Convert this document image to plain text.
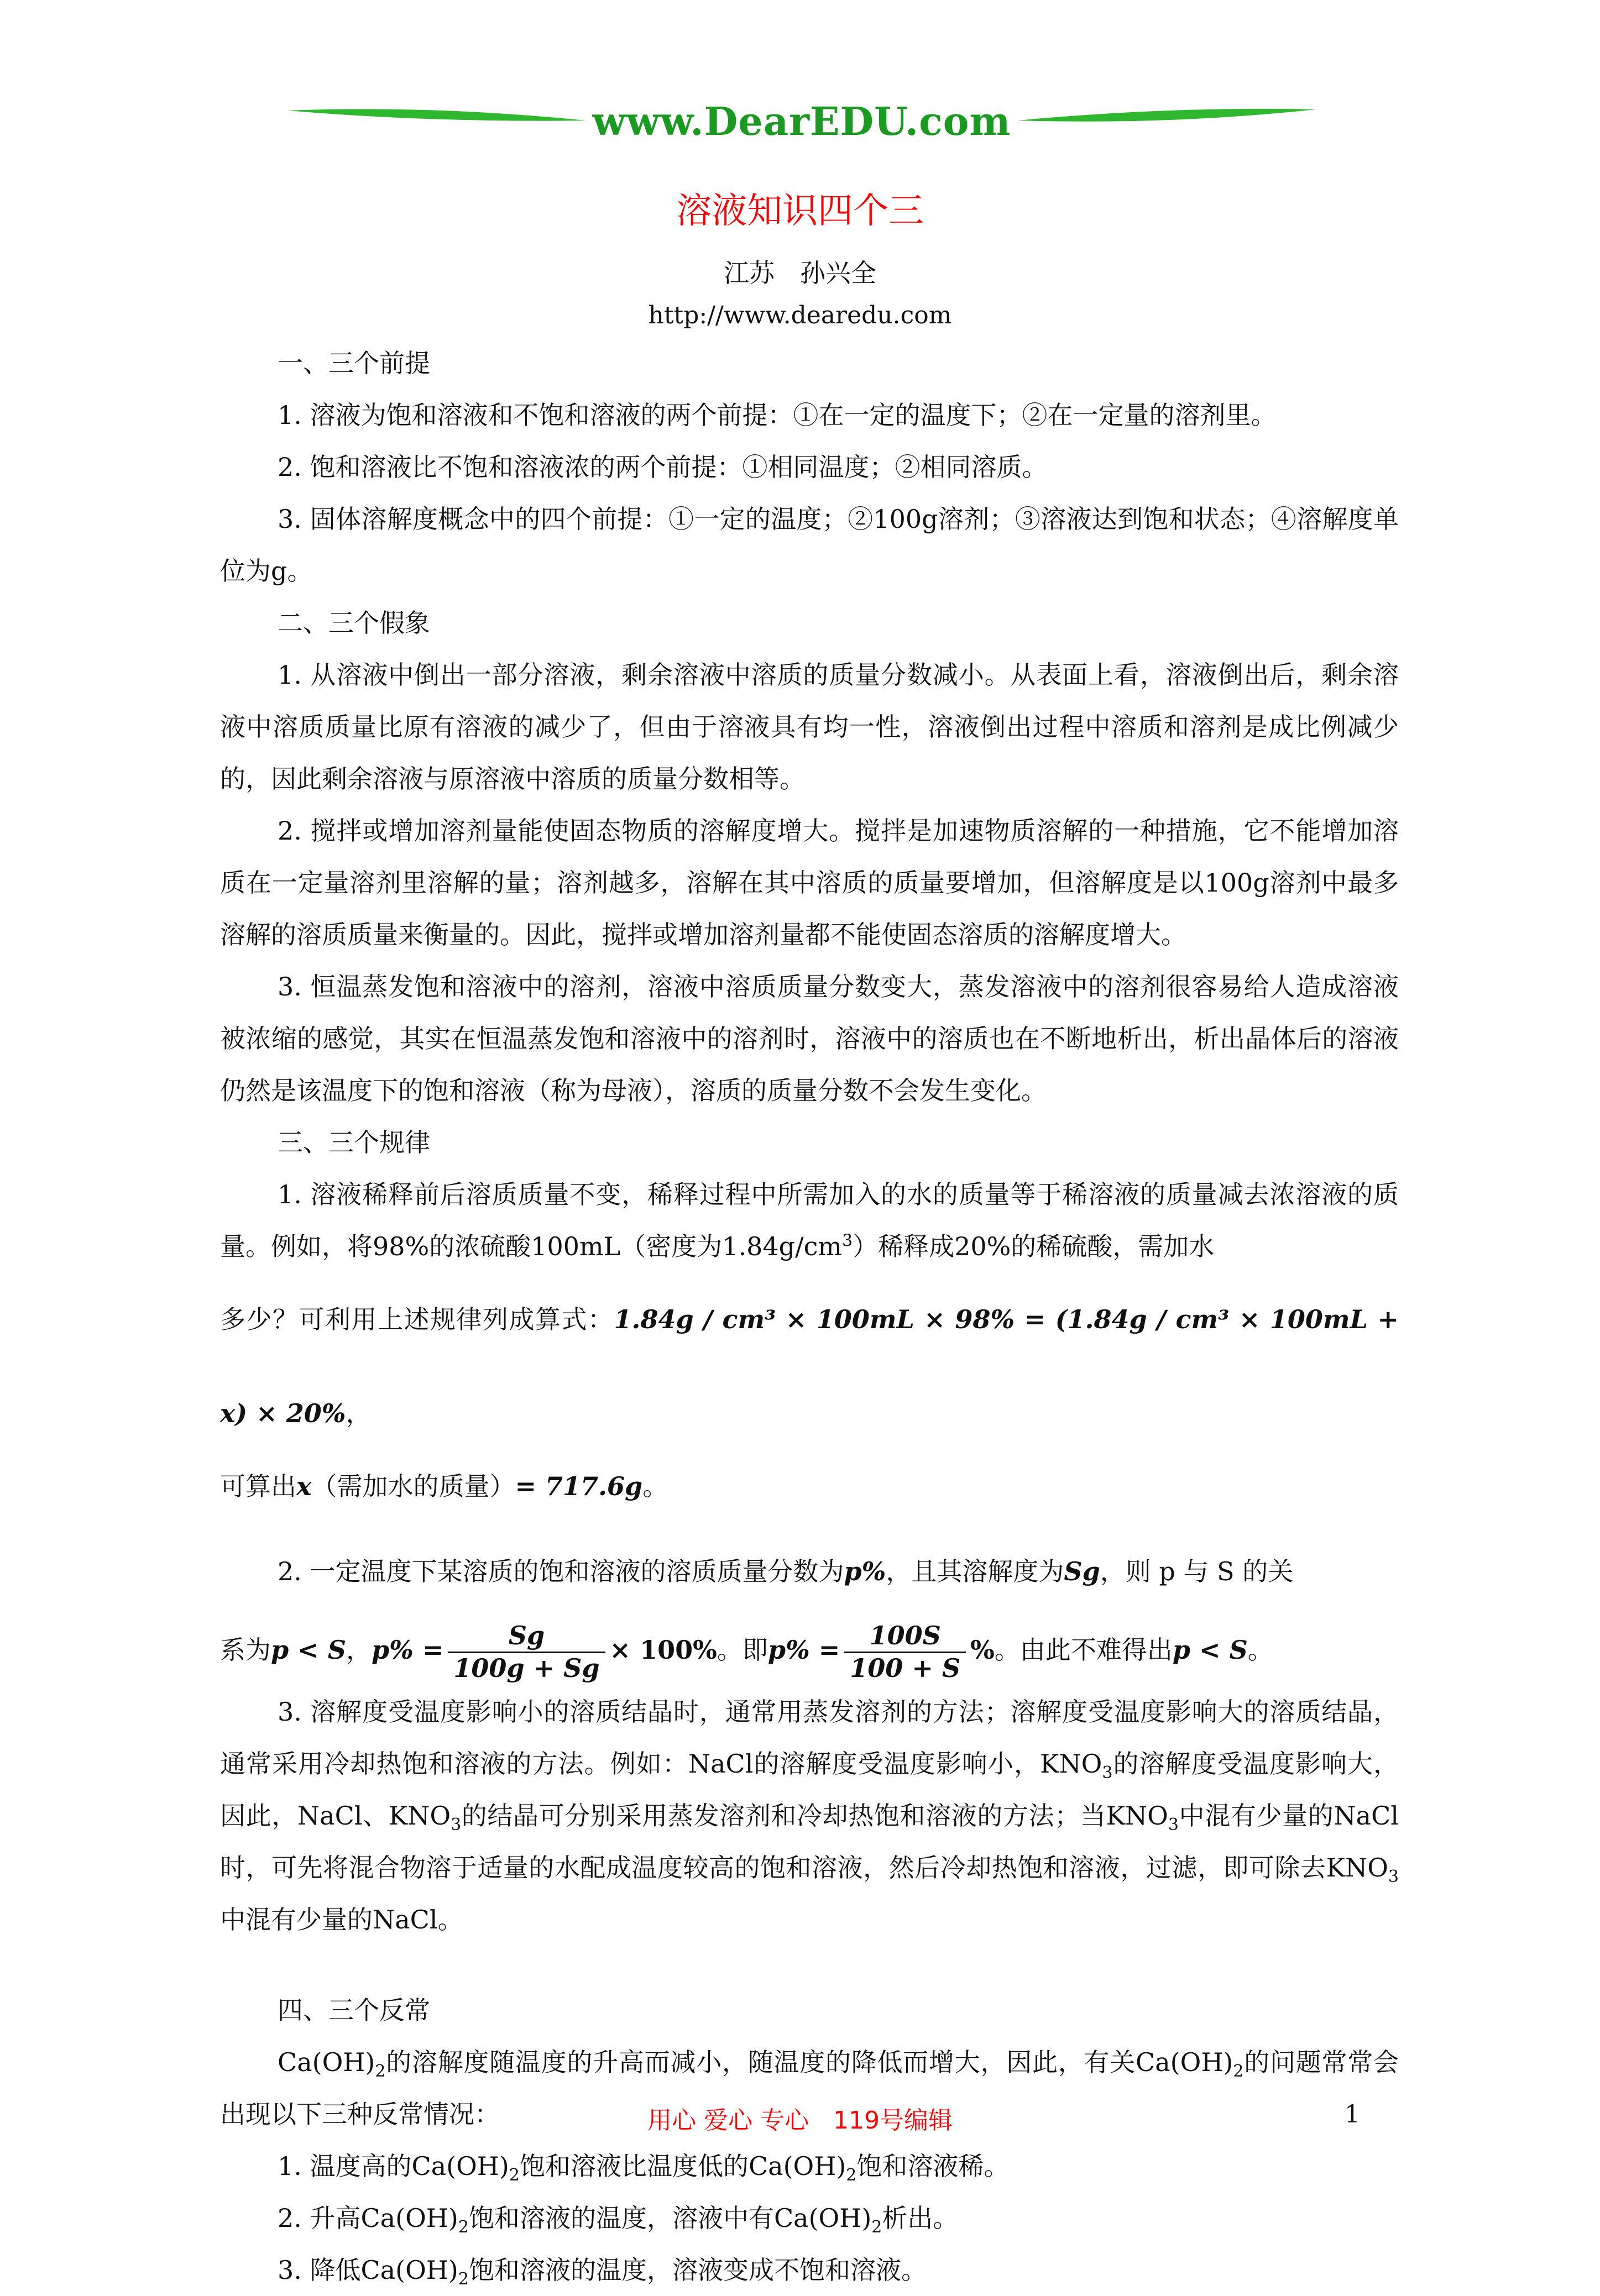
www.DearEDU.com
溶液知识四个三
江苏　孙兴全
http://www.dearedu.com

一、三个前提

1. 溶液为饱和溶液和不饱和溶液的两个前提：①在一定的温度下；②在一定量的溶剂里。

2. 饱和溶液比不饱和溶液浓的两个前提：①相同温度；②相同溶质。

3. 固体溶解度概念中的四个前提：①一定的温度；②100g溶剂；③溶液达到饱和状态；④溶解度单位为g。

二、三个假象

1. 从溶液中倒出一部分溶液，剩余溶液中溶质的质量分数减小。从表面上看，溶液倒出后，剩余溶液中溶质质量比原有溶液的减少了，但由于溶液具有均一性，溶液倒出过程中溶质和溶剂是成比例减少的，因此剩余溶液与原溶液中溶质的质量分数相等。

2. 搅拌或增加溶剂量能使固态物质的溶解度增大。搅拌是加速物质溶解的一种措施，它不能增加溶质在一定量溶剂里溶解的量；溶剂越多，溶解在其中溶质的质量要增加，但溶解度是以100g溶剂中最多溶解的溶质质量来衡量的。因此，搅拌或增加溶剂量都不能使固态溶质的溶解度增大。

3. 恒温蒸发饱和溶液中的溶剂，溶液中溶质质量分数变大，蒸发溶液中的溶剂很容易给人造成溶液被浓缩的感觉，其实在恒温蒸发饱和溶液中的溶剂时，溶液中的溶质也在不断地析出，析出晶体后的溶液仍然是该温度下的饱和溶液（称为母液），溶质的质量分数不会发生变化。

三、三个规律

1. 溶液稀释前后溶质质量不变，稀释过程中所需加入的水的质量等于稀溶液的质量减去浓溶液的质量。例如，将98%的浓硫酸100mL（密度为$1.84g/cm^3$）稀释成20%的稀硫酸，需加水

多少？可利用上述规律列成算式：1.84g / cm³ × 100mL × 98% = (1.84g / cm³ × 100mL + x) × 20%，

可算出x（需加水的质量）= 717.6g。

2. 一定温度下某溶质的饱和溶液的溶质质量分数为p%，且其溶解度为Sg，则 p 与 S 的关

系为p < S，$p\% = \frac{Sg}{100g + Sg} \times 100\%$。即$p\% = \frac{100S}{100 + S}$ %。由此不难得出p < S。

3. 溶解度受温度影响小的溶质结晶时，通常用蒸发溶剂的方法；溶解度受温度影响大的溶质结晶，通常采用冷却热饱和溶液的方法。例如：NaCl的溶解度受温度影响小，$KNO_3$的溶解度受温度影响大，因此，NaCl、$KNO_3$的结晶可分别采用蒸发溶剂和冷却热饱和溶液的方法；当$KNO_3$中混有少量的NaCl时，可先将混合物溶于适量的水配成温度较高的饱和溶液，然后冷却热饱和溶液，过滤，即可除去$KNO_3$中混有少量的NaCl。

四、三个反常

$Ca(OH)_2$的溶解度随温度的升高而减小，随温度的降低而增大，因此，有关$Ca(OH)_2$的问题常常会出现以下三种反常情况：

1. 温度高的$Ca(OH)_2$饱和溶液比温度低的$Ca(OH)_2$饱和溶液稀。

2. 升高$Ca(OH)_2$饱和溶液的温度，溶液中有$Ca(OH)_2$析出。

3. 降低$Ca(OH)_2$饱和溶液的温度，溶液变成不饱和溶液。

用心 爱心 专心　119号编辑	1
